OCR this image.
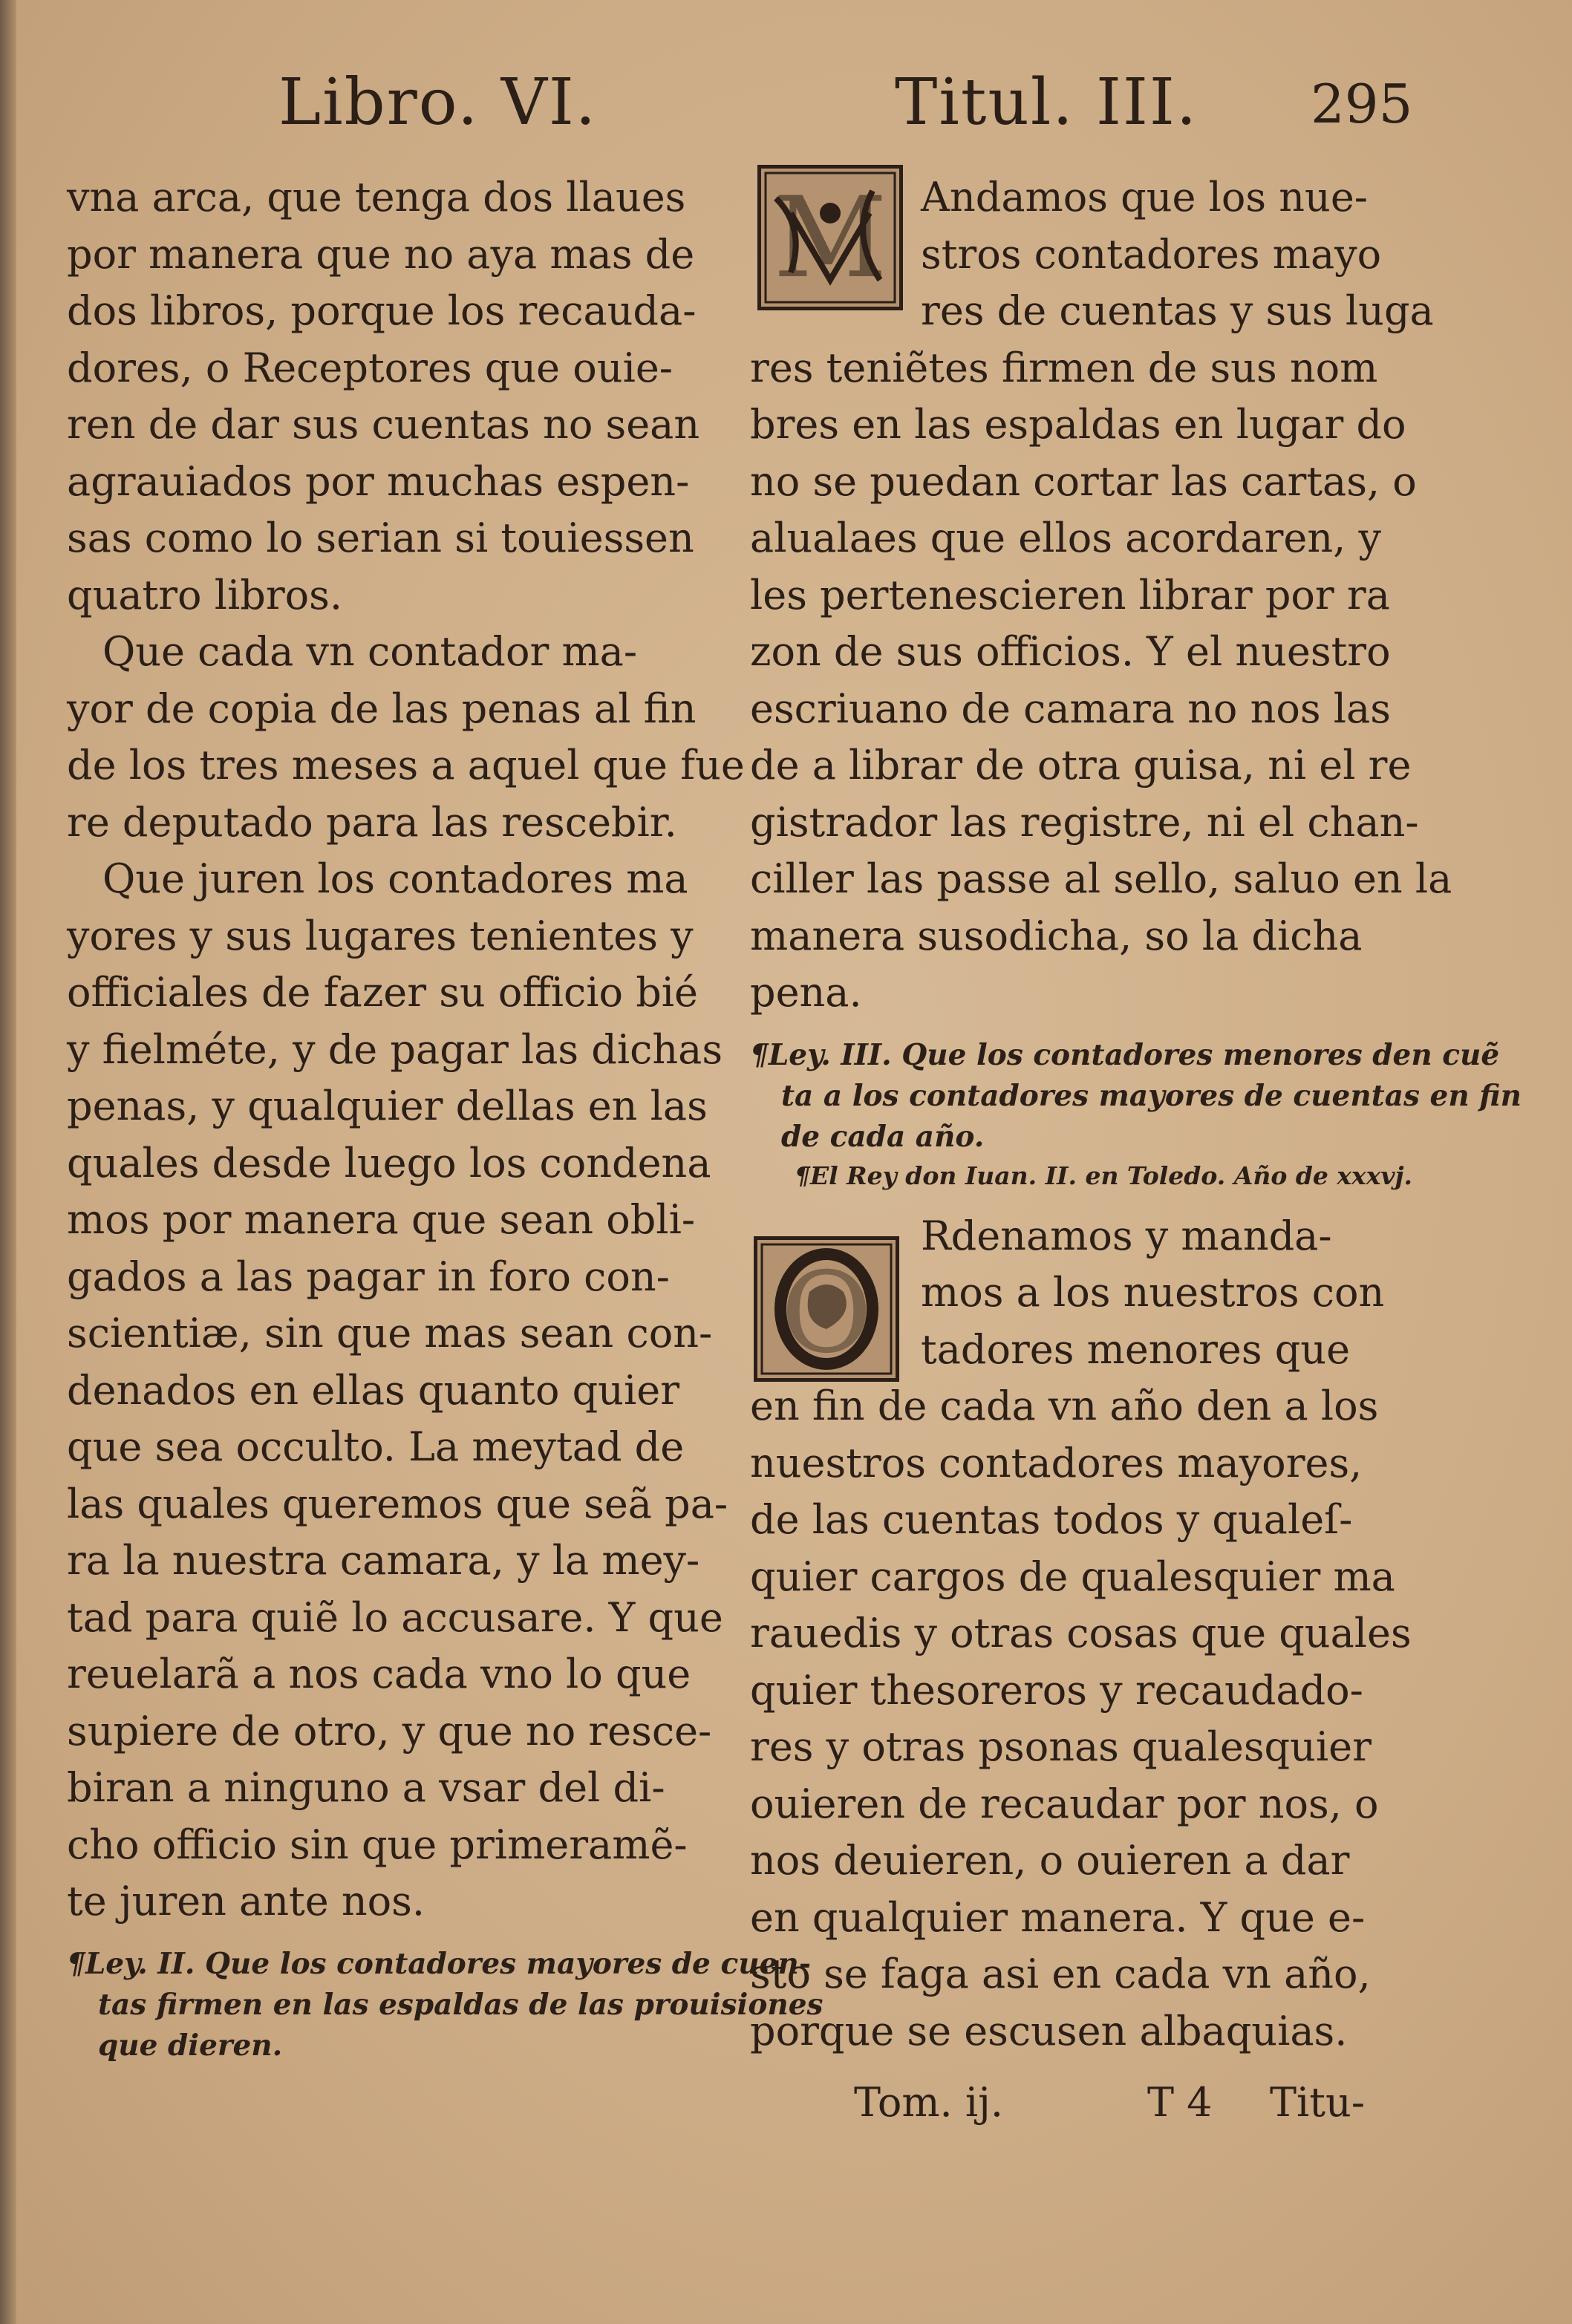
Libro. VI.	Titul. III. 295
vna arca, que tenga dos llaues
por manera que no aya mas de
dos libros, porque los recauda-
dores, o Receptores que ouie-
ren de dar sus cuentas no sean
agrauiados por muchas espen-
sas como lo serian si touiessen
quatro libros.
Que cada vn contador ma-
yor de copia de las penas al fin
de los tres meses a aquel que fue
re deputado para las rescebir.
Que juren los contadores ma
yores y sus lugares tenientes y
officiales de fazer su officio bié
y fielméte, y de pagar las dichas
penas, y qualquier dellas en las
quales desde luego los condena
mos por manera que sean obli-
gados a las pagar in foro con-
scientiæ, sin que mas sean con-
denados en ellas quanto quier
que sea occulto. La meytad de
las quales queremos que seã pa-
ra la nuestra camara, y la mey-
tad para quiẽ lo accusare. Y que
reuelarã a nos cada vno lo que
supiere de otro, y que no resce-
biran a ninguno a vsar del di-
cho officio sin que primeramẽ-
te juren ante nos.
¶Ley. II. Que los contadores mayores de cuen-
tas firmen en las espaldas de las prouisiones
que dieren.
M Andamos que los nue-
stros contadores mayo
res de cuentas y sus luga
res teniẽtes firmen de sus nom
bres en las espaldas en lugar do
no se puedan cortar las cartas, o
alualaes que ellos acordaren, y
les pertenescieren librar por ra
zon de sus officios. Y el nuestro
escriuano de camara no nos las
de a librar de otra guisa, ni el re
gistrador las registre, ni el chan-
ciller las passe al sello, saluo en la
manera susodicha, so la dicha
pena.
¶Ley. III. Que los contadores menores den cuẽ
ta a los contadores mayores de cuentas en fin
de cada año.
¶El Rey don Iuan. II. en Toledo. Año de xxxvj.
Rdenamos y manda-
mos a los nuestros con
tadores menores que
en fin de cada vn año den a los
nuestros contadores mayores,
de las cuentas todos y qualeſ-
quier cargos de qualesquier ma
rauedis y otras cosas que quales
quier thesoreros y recaudado-
res y otras psonas qualesquier
ouieren de recaudar por nos, o
nos deuieren, o ouieren a dar
en qualquier manera. Y que e-
sto se faga asi en cada vn año,
porque se escusen albaquias.
O
Tom. ij.	T 4 Titu-
